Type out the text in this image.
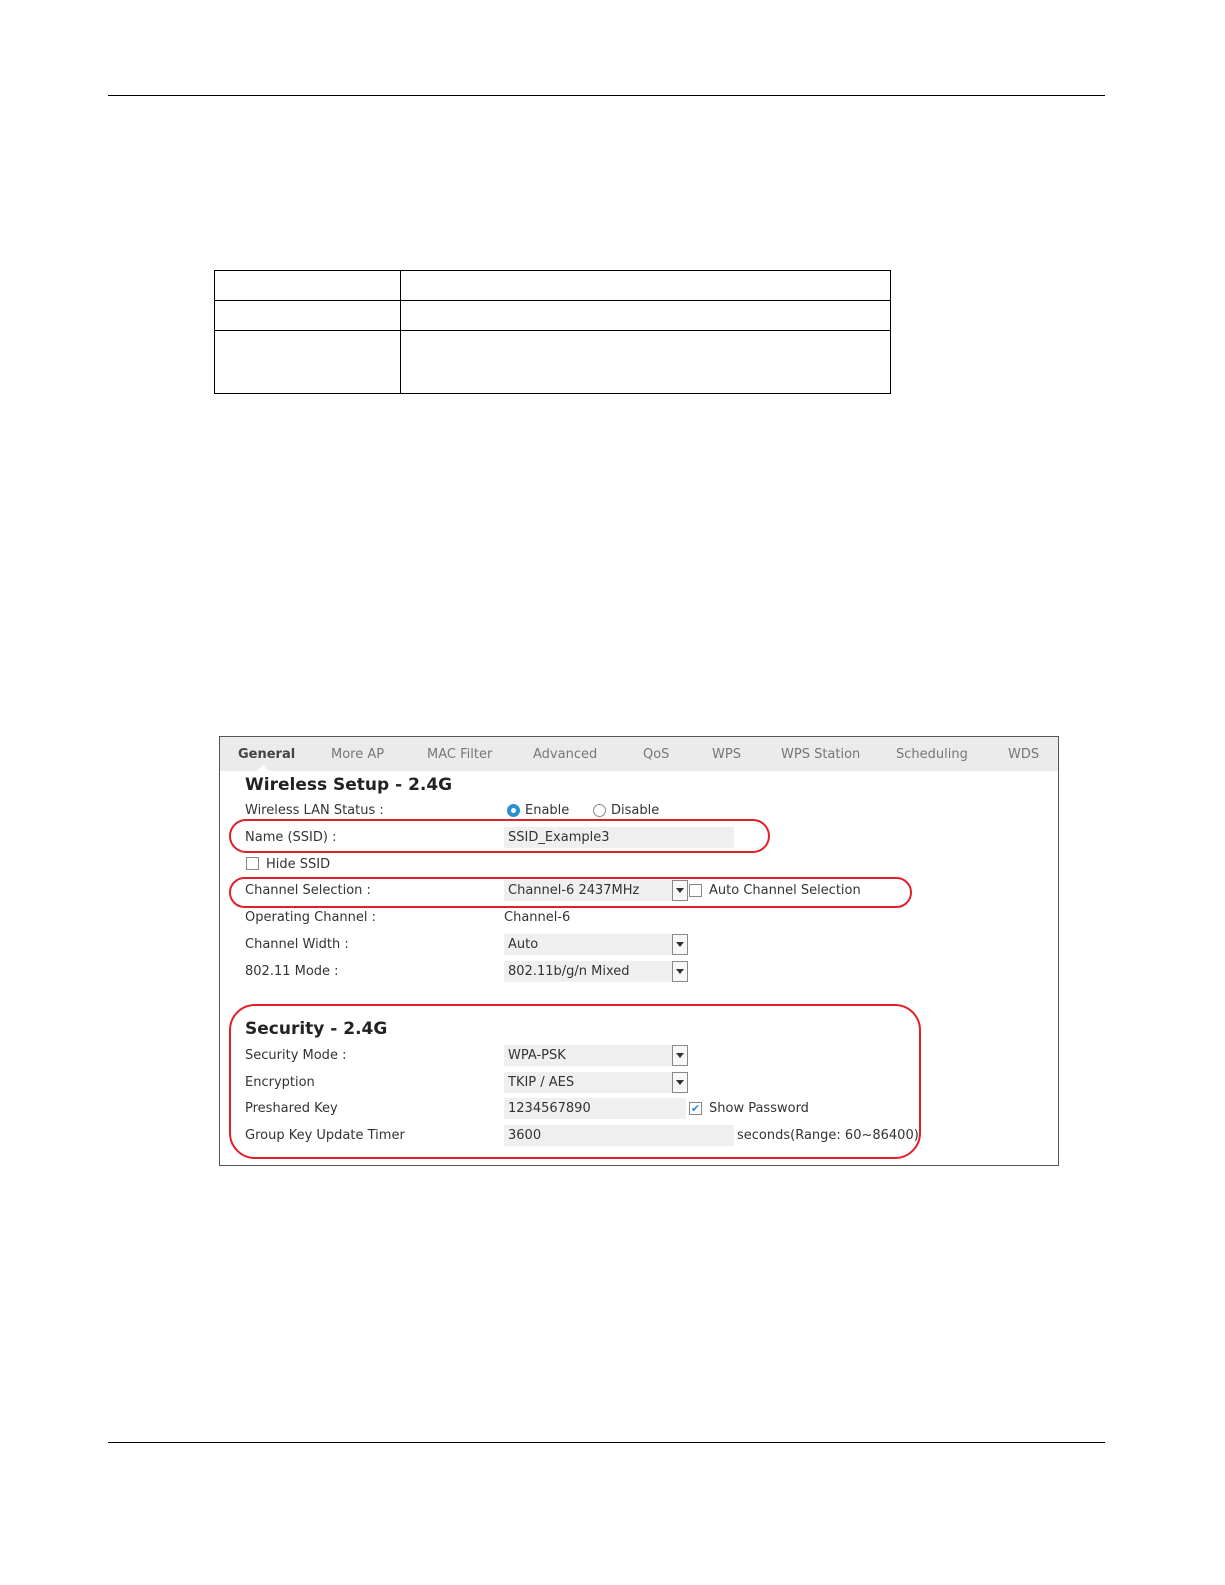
General	More AP	MAC Filter	Advanced	QoS	WPS	WPS Station	Scheduling	WDS
Wireless Setup - 2.4G
Wireless LAN Status :	Enable	Disable
Name (SSID) :	SSID_Example3
Hide SSID
Channel Selection :	Channel-6 2437MHz	Auto Channel Selection
Operating Channel :	Channel-6
Channel Width :	Auto
802.11 Mode :	802.11b/g/n Mixed
Security - 2.4G
Security Mode :	WPA-PSK
Encryption	TKIP / AES
Preshared Key	1234567890	✔ Show Password
Group Key Update Timer	3600	seconds(Range: 60~86400)
